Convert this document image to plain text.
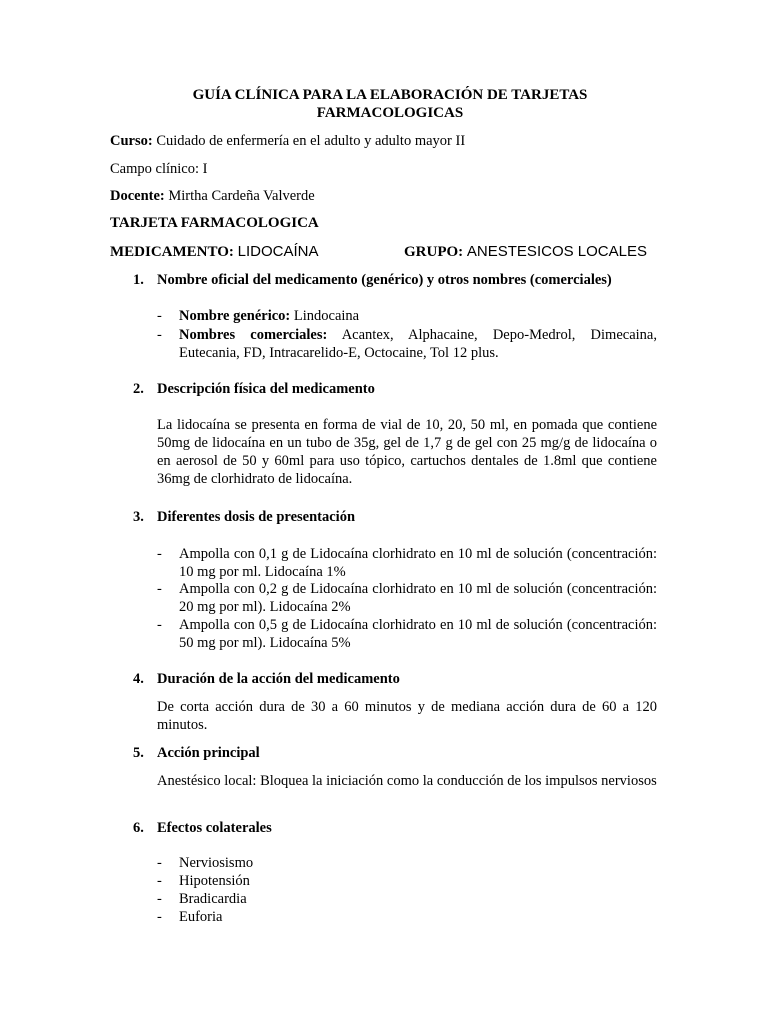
GUÍA CLÍNICA PARA LA ELABORACIÓN DE TARJETAS
FARMACOLOGICAS
Curso: Cuidado de enfermería en el adulto y adulto mayor II
Campo clínico: I
Docente: Mirtha Cardeña Valverde
TARJETA FARMACOLOGICA
MEDICAMENTO: LIDOCAÍNA	GRUPO: ANESTESICOS LOCALES
1. Nombre oficial del medicamento (genérico) y otros nombres (comerciales)
- Nombre genérico: Lindocaina
- Nombres comerciales: Acantex, Alphacaine, Depo-Medrol, Dimecaina, Eutecania, FD, Intracarelido-E, Octocaine, Tol 12 plus.
2. Descripción física del medicamento
La lidocaína se presenta en forma de vial de 10, 20, 50 ml, en pomada que contiene 50mg de lidocaína en un tubo de 35g, gel de 1,7 g de gel con 25 mg/g de lidocaína o en aerosol de 50 y 60ml para uso tópico, cartuchos dentales de 1.8ml que contiene 36mg de clorhidrato de lidocaína.
3. Diferentes dosis de presentación
- Ampolla con 0,1 g de Lidocaína clorhidrato en 10 ml de solución (concentración: 10 mg por ml. Lidocaína 1%
- Ampolla con 0,2 g de Lidocaína clorhidrato en 10 ml de solución (concentración: 20 mg por ml). Lidocaína 2%
- Ampolla con 0,5 g de Lidocaína clorhidrato en 10 ml de solución (concentración: 50 mg por ml). Lidocaína 5%
4. Duración de la acción del medicamento
De corta acción dura de 30 a 60 minutos y de mediana acción dura de 60 a 120 minutos.
5. Acción principal
Anestésico local: Bloquea la iniciación como la conducción de los impulsos nerviosos
6. Efectos colaterales
- Nerviosismo
- Hipotensión
- Bradicardia
- Euforia
